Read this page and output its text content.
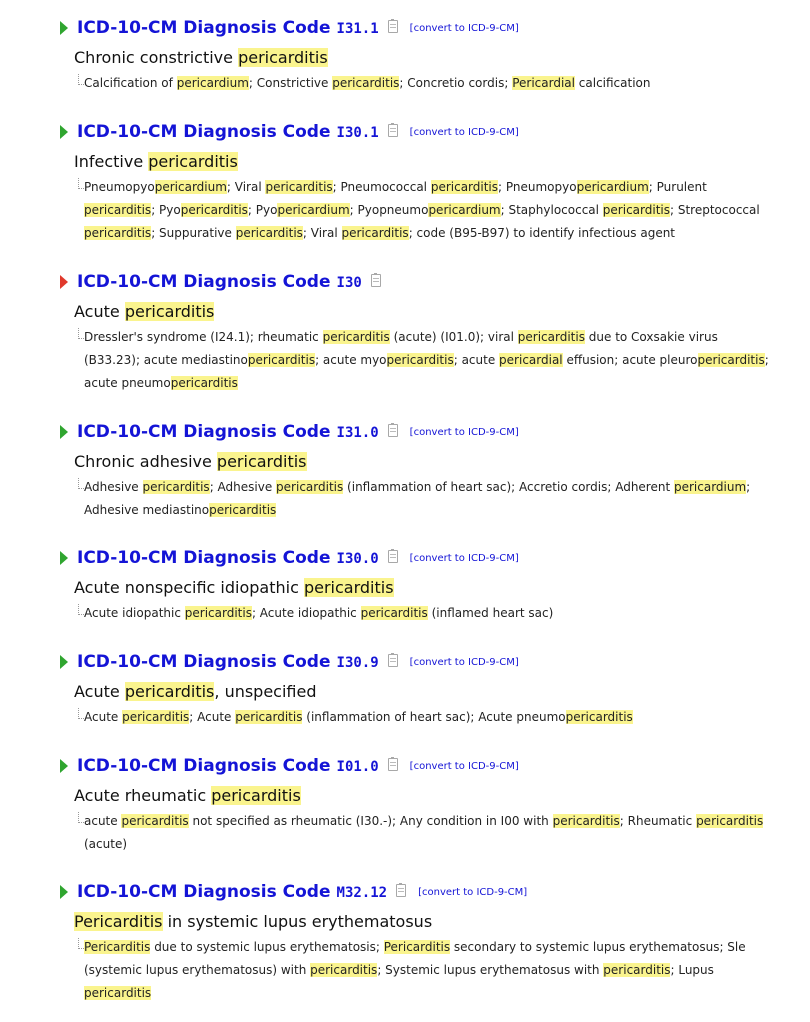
ICD-10-CM Diagnosis Code I31.1	[convert to ICD-9-CM]
Chronic constrictive pericarditis
Calcification of pericardium; Constrictive pericarditis; Concretio cordis; Pericardial calcification
ICD-10-CM Diagnosis Code I30.1	[convert to ICD-9-CM]
Infective pericarditis
Pneumopyopericardium; Viral pericarditis; Pneumococcal pericarditis; Pneumopyopericardium; Purulent pericarditis; Pyopericarditis; Pyopericardium; Pyopneumopericardium; Staphylococcal pericarditis; Streptococcal pericarditis; Suppurative pericarditis; Viral pericarditis; code (B95-B97) to identify infectious agent
ICD-10-CM Diagnosis Code I30
Acute pericarditis
Dressler's syndrome (I24.1); rheumatic pericarditis (acute) (I01.0); viral pericarditis due to Coxsakie virus (B33.23); acute mediastinopericarditis; acute myopericarditis; acute pericardial effusion; acute pleuropericarditis; acute pneumopericarditis
ICD-10-CM Diagnosis Code I31.0	[convert to ICD-9-CM]
Chronic adhesive pericarditis
Adhesive pericarditis; Adhesive pericarditis (inflammation of heart sac); Accretio cordis; Adherent pericardium; Adhesive mediastinopericarditis
ICD-10-CM Diagnosis Code I30.0	[convert to ICD-9-CM]
Acute nonspecific idiopathic pericarditis
Acute idiopathic pericarditis; Acute idiopathic pericarditis (inflamed heart sac)
ICD-10-CM Diagnosis Code I30.9	[convert to ICD-9-CM]
Acute pericarditis, unspecified
Acute pericarditis; Acute pericarditis (inflammation of heart sac); Acute pneumopericarditis
ICD-10-CM Diagnosis Code I01.0	[convert to ICD-9-CM]
Acute rheumatic pericarditis
acute pericarditis not specified as rheumatic (I30.-); Any condition in I00 with pericarditis; Rheumatic pericarditis (acute)
ICD-10-CM Diagnosis Code M32.12	[convert to ICD-9-CM]
Pericarditis in systemic lupus erythematosus
Pericarditis due to systemic lupus erythematosis; Pericarditis secondary to systemic lupus erythematosus; Sle (systemic lupus erythematosus) with pericarditis; Systemic lupus erythematosus with pericarditis; Lupus pericarditis
